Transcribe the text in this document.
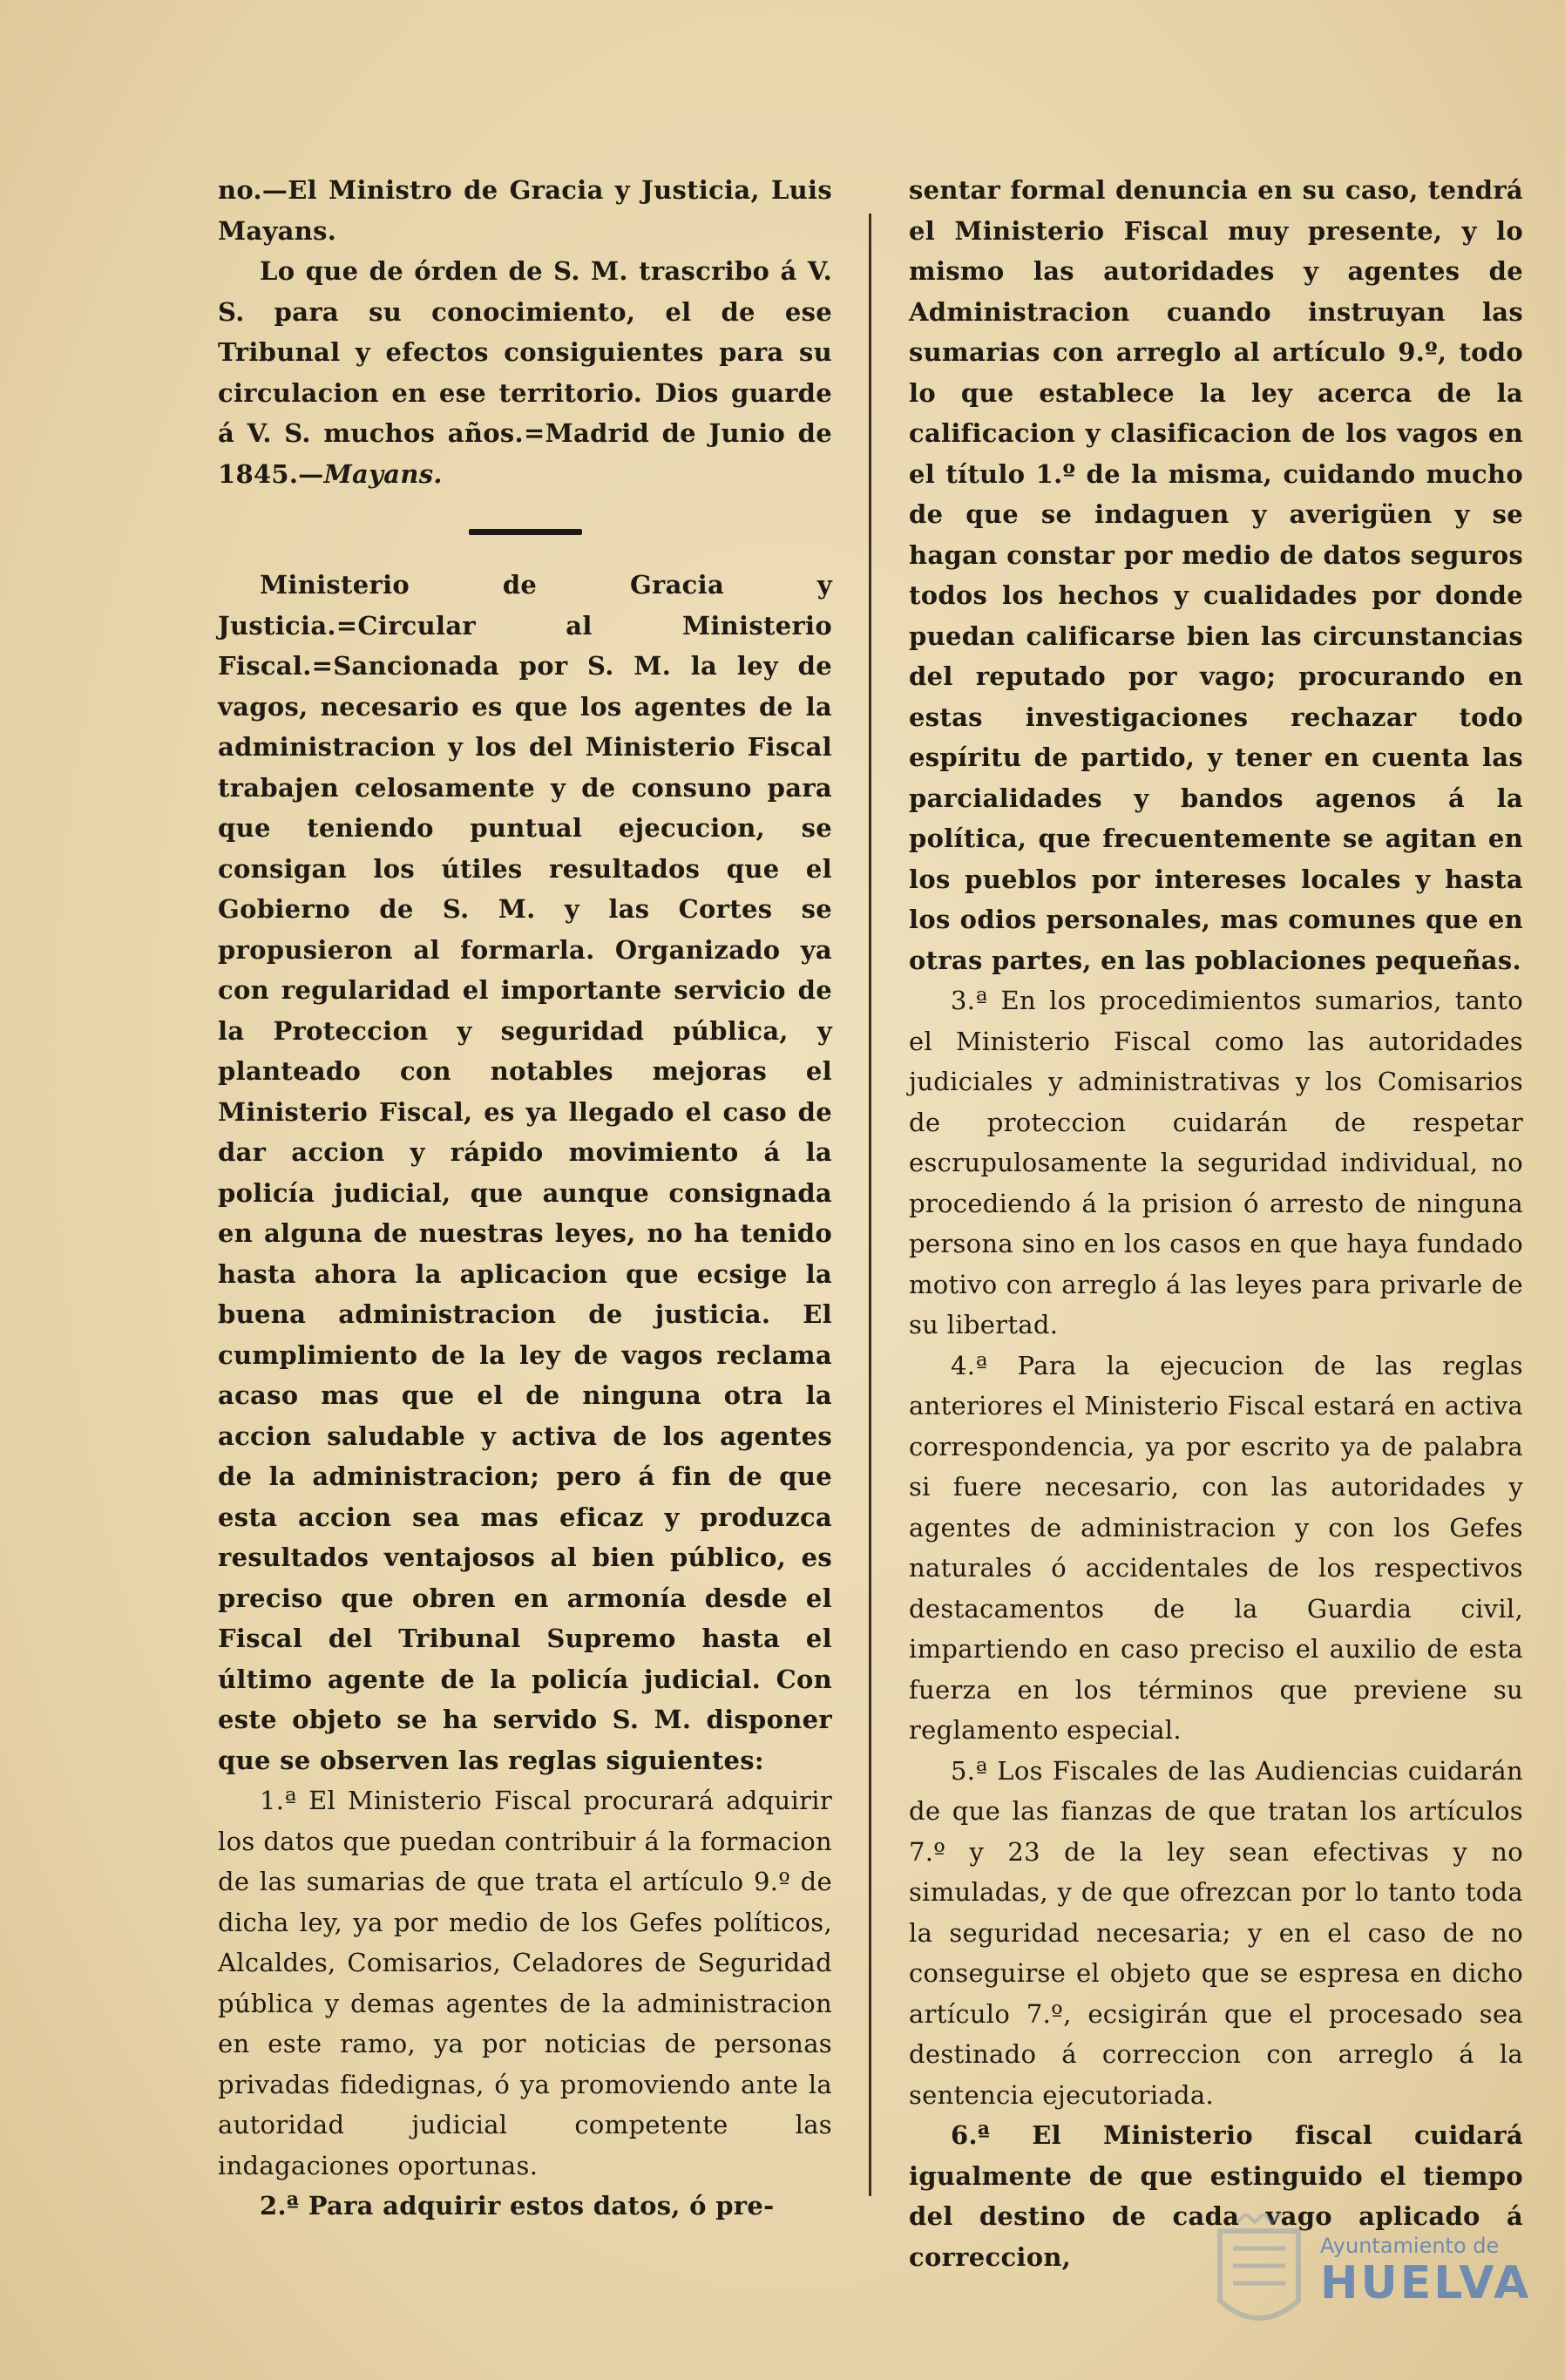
no.—El Ministro de Gracia y Justicia, Luis Mayans.

Lo que de órden de S. M. trascribo á V. S. para su conocimiento, el de ese Tribunal y efectos consiguientes para su circulacion en ese territorio. Dios guarde á V. S. muchos años.=Madrid de Junio de 1845.—Mayans.

Ministerio de Gracia y Justicia.=Circular al Ministerio Fiscal.=Sancionada por S. M. la ley de vagos, necesario es que los agentes de la administracion y los del Ministerio Fiscal trabajen celosamente y de consuno para que teniendo puntual ejecucion, se consigan los útiles resultados que el Gobierno de S. M. y las Cortes se propusieron al formarla. Organizado ya con regularidad el importante servicio de la Proteccion y seguridad pública, y planteado con notables mejoras el Ministerio Fiscal, es ya llegado el caso de dar accion y rápido movimiento á la policía judicial, que aunque consignada en alguna de nuestras leyes, no ha tenido hasta ahora la aplicacion que ecsige la buena administracion de justicia. El cumplimiento de la ley de vagos reclama acaso mas que el de ninguna otra la accion saludable y activa de los agentes de la administracion; pero á fin de que esta accion sea mas eficaz y produzca resultados ventajosos al bien público, es preciso que obren en armonía desde el Fiscal del Tribunal Supremo hasta el último agente de la policía judicial. Con este objeto se ha servido S. M. disponer que se observen las reglas siguientes:

1.ª El Ministerio Fiscal procurará adquirir los datos que puedan contribuir á la formacion de las sumarias de que trata el artículo 9.º de dicha ley, ya por medio de los Gefes políticos, Alcaldes, Comisarios, Celadores de Seguridad pública y demas agentes de la administracion en este ramo, ya por noticias de personas privadas fidedignas, ó ya promoviendo ante la autoridad judicial competente las indagaciones oportunas.

2.ª Para adquirir estos datos, ó pre-

sentar formal denuncia en su caso, tendrá el Ministerio Fiscal muy presente, y lo mismo las autoridades y agentes de Administracion cuando instruyan las sumarias con arreglo al artículo 9.º, todo lo que establece la ley acerca de la calificacion y clasificacion de los vagos en el título 1.º de la misma, cuidando mucho de que se indaguen y averigüen y se hagan constar por medio de datos seguros todos los hechos y cualidades por donde puedan calificarse bien las circunstancias del reputado por vago; procurando en estas investigaciones rechazar todo espíritu de partido, y tener en cuenta las parcialidades y bandos agenos á la política, que frecuentemente se agitan en los pueblos por intereses locales y hasta los odios personales, mas comunes que en otras partes, en las poblaciones pequeñas.

3.ª En los procedimientos sumarios, tanto el Ministerio Fiscal como las autoridades judiciales y administrativas y los Comisarios de proteccion cuidarán de respetar escrupulosamente la seguridad individual, no procediendo á la prision ó arresto de ninguna persona sino en los casos en que haya fundado motivo con arreglo á las leyes para privarle de su libertad.

4.ª Para la ejecucion de las reglas anteriores el Ministerio Fiscal estará en activa correspondencia, ya por escrito ya de palabra si fuere necesario, con las autoridades y agentes de administracion y con los Gefes naturales ó accidentales de los respectivos destacamentos de la Guardia civil, impartiendo en caso preciso el auxilio de esta fuerza en los términos que previene su reglamento especial.

5.ª Los Fiscales de las Audiencias cuidarán de que las fianzas de que tratan los artículos 7.º y 23 de la ley sean efectivas y no simuladas, y de que ofrezcan por lo tanto toda la seguridad necesaria; y en el caso de no conseguirse el objeto que se espresa en dicho artículo 7.º, ecsigirán que el procesado sea destinado á correccion con arreglo á la sentencia ejecutoriada.

6.ª El Ministerio fiscal cuidará igualmente de que estinguido el tiempo del destino de cada vago aplicado á correccion,	Ayuntamiento de
HUELVA
